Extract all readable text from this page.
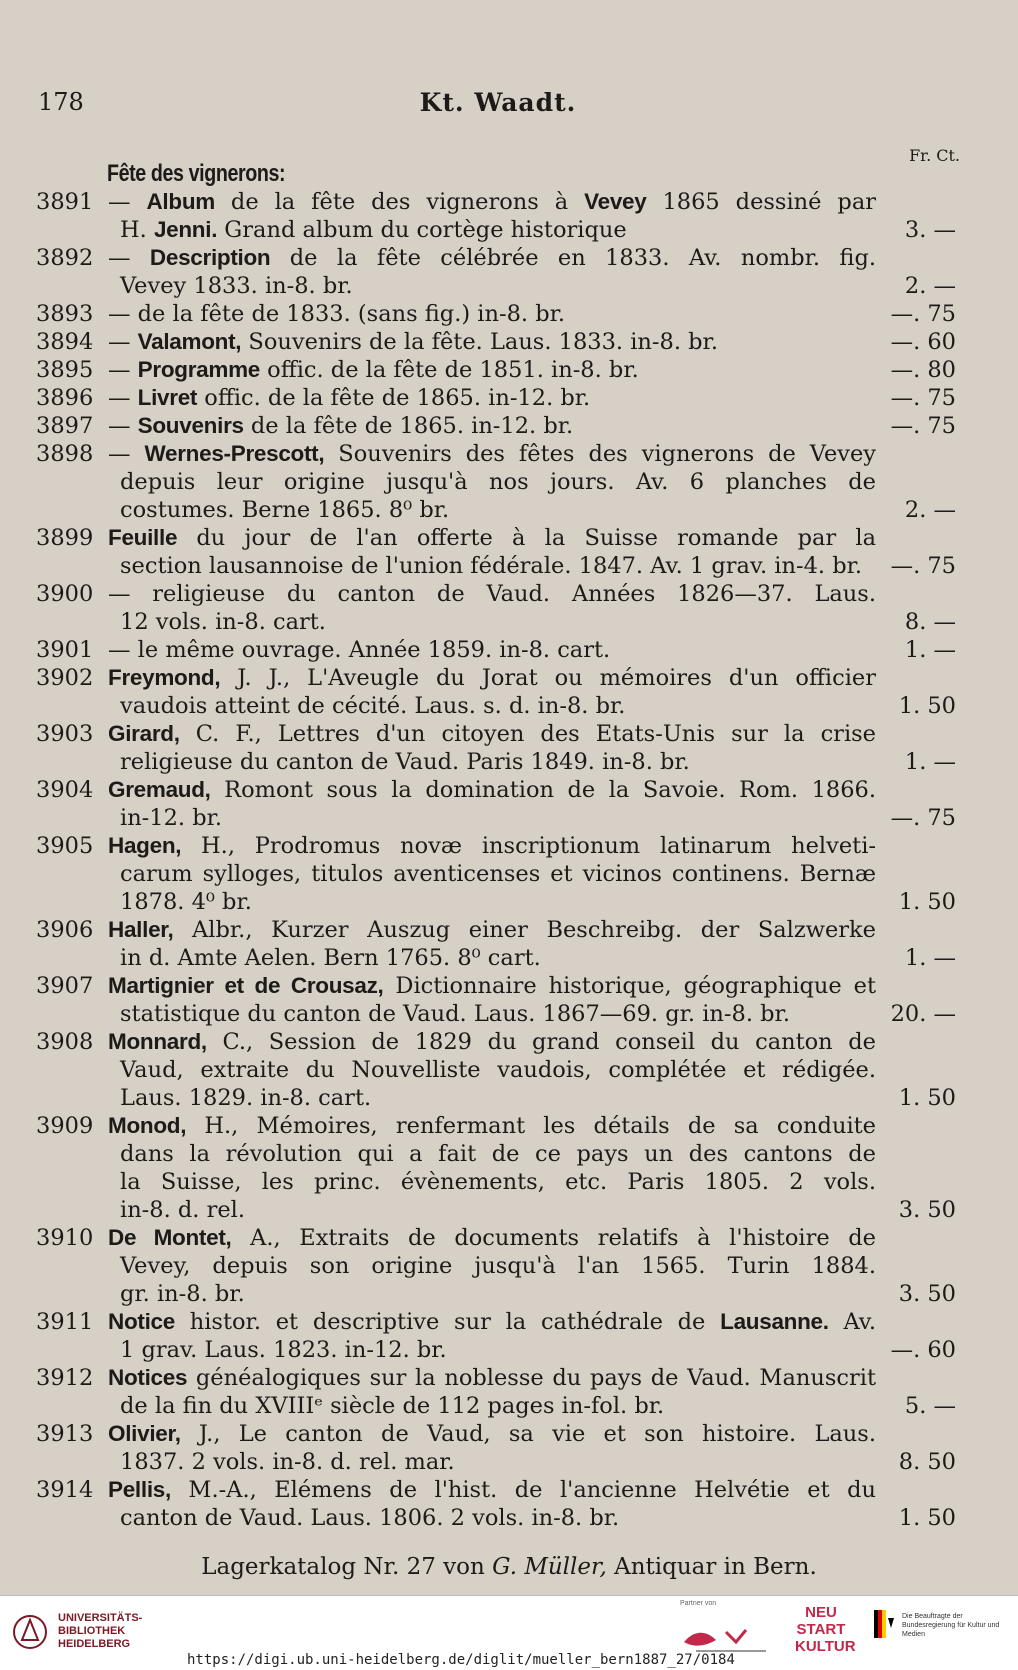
178	Kt. Waadt.
Fr. Ct.
Fête des vignerons:
3891 — Album de la fête des vignerons à Vevey 1865 dessiné par
H. Jenni. Grand album du cortège historique	3. —
3892 — Description de la fête célébrée en 1833. Av. nombr. fig.
Vevey 1833. in-8. br.	2. —
3893 — de la fête de 1833. (sans fig.) in-8. br.	—. 75
3894 — Valamont, Souvenirs de la fête. Laus. 1833. in-8. br.	—. 60
3895 — Programme offic. de la fête de 1851. in-8. br.	—. 80
3896 — Livret offic. de la fête de 1865. in-12. br.	—. 75
3897 — Souvenirs de la fête de 1865. in-12. br.	—. 75
3898 — Wernes-Prescott, Souvenirs des fêtes des vignerons de Vevey
depuis leur origine jusqu'à nos jours. Av. 6 planches de
costumes. Berne 1865. 8⁰ br.	2. —
3899 Feuille du jour de l'an offerte à la Suisse romande par la
section lausannoise de l'union fédérale. 1847. Av. 1 grav. in-4. br.	—. 75
3900 — religieuse du canton de Vaud. Années 1826—37. Laus.
12 vols. in-8. cart.	8. —
3901 — le même ouvrage. Année 1859. in-8. cart.	1. —
3902 Freymond, J. J., L'Aveugle du Jorat ou mémoires d'un officier
vaudois atteint de cécité. Laus. s. d. in-8. br.	1. 50
3903 Girard, C. F., Lettres d'un citoyen des Etats-Unis sur la crise
religieuse du canton de Vaud. Paris 1849. in-8. br.	1. —
3904 Gremaud, Romont sous la domination de la Savoie. Rom. 1866.
in-12. br.	—. 75
3905 Hagen, H., Prodromus novæ inscriptionum latinarum helveti-
carum sylloges, titulos aventicenses et vicinos continens. Bernæ
1878. 4⁰ br.	1. 50
3906 Haller, Albr., Kurzer Auszug einer Beschreibg. der Salzwerke
in d. Amte Aelen. Bern 1765. 8⁰ cart.	1. —
3907 Martignier et de Crousaz, Dictionnaire historique, géographique et
statistique du canton de Vaud. Laus. 1867—69. gr. in-8. br.	20. —
3908 Monnard, C., Session de 1829 du grand conseil du canton de
Vaud, extraite du Nouvelliste vaudois, complétée et rédigée.
Laus. 1829. in-8. cart.	1. 50
3909 Monod, H., Mémoires, renfermant les détails de sa conduite
dans la révolution qui a fait de ce pays un des cantons de
la Suisse, les princ. évènements, etc. Paris 1805. 2 vols.
in-8. d. rel.	3. 50
3910 De Montet, A., Extraits de documents relatifs à l'histoire de
Vevey, depuis son origine jusqu'à l'an 1565. Turin 1884.
gr. in-8. br.	3. 50
3911 Notice histor. et descriptive sur la cathédrale de Lausanne. Av.
1 grav. Laus. 1823. in-12. br.	—. 60
3912 Notices généalogiques sur la noblesse du pays de Vaud. Manuscrit
de la fin du XVIIIᵉ siècle de 112 pages in-fol. br.	5. —
3913 Olivier, J., Le canton de Vaud, sa vie et son histoire. Laus.
1837. 2 vols. in-8. d. rel. mar.	8. 50
3914 Pellis, M.-A., Elémens de l'hist. de l'ancienne Helvétie et du
canton de Vaud. Laus. 1806. 2 vols. in-8. br.	1. 50
Lagerkatalog Nr. 27 von G. Müller, Antiquar in Bern.
UNIVERSITÄTS-
BIBLIOTHEK
HEIDELBERG
Partner von
NEU
START
KULTUR
Die Beauftragte der Bundesregierung für Kultur und Medien
https://digi.ub.uni-heidelberg.de/diglit/mueller_bern1887_27/0184
